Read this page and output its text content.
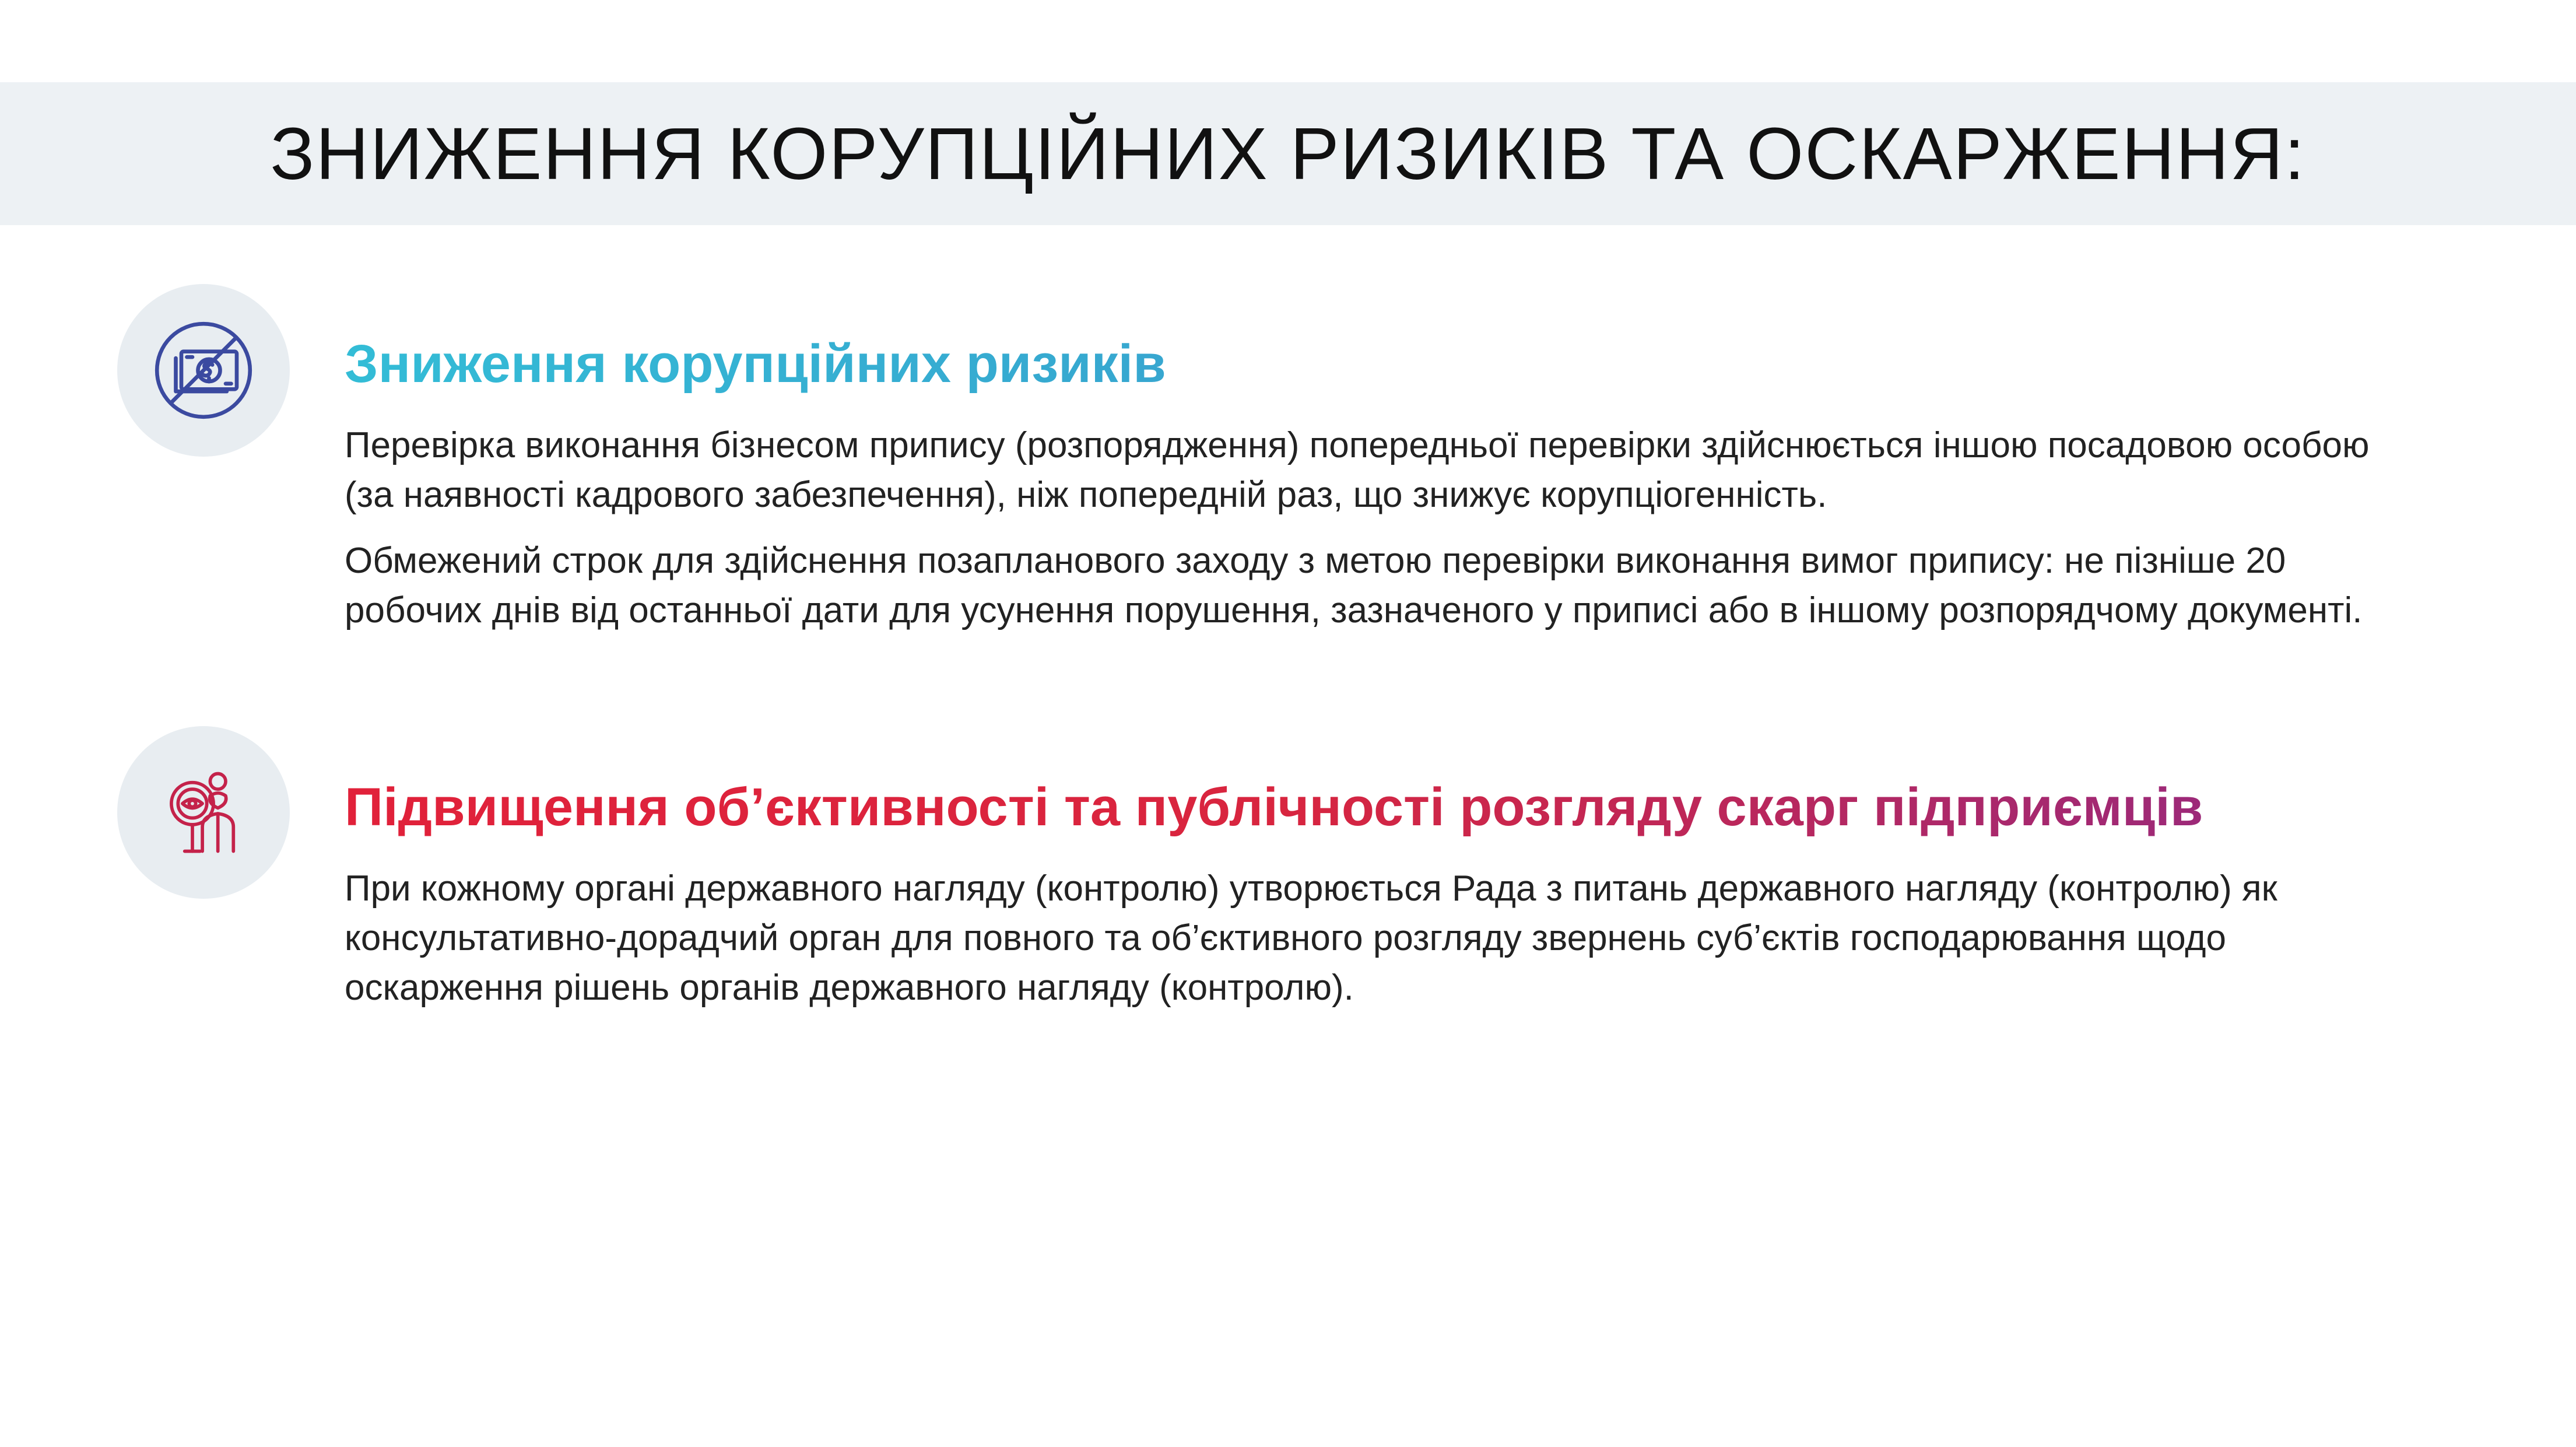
ЗНИЖЕННЯ КОРУПЦІЙНИХ РИЗИКІВ ТА ОСКАРЖЕННЯ:
Зниження корупційних ризиків

Перевірка виконання бізнесом припису (розпорядження) попередньої перевірки здійснюється іншою посадовою особою (за наявності кадрового забезпечення), ніж попередній раз, що знижує корупціогенність.

Обмежений строк для здійснення позапланового заходу з метою перевірки виконання вимог припису: не пізніше 20 робочих днів від останньої дати для усунення порушення, зазначеного у приписі або в іншому розпорядчому документі.

Підвищення об’єктивності та публічності розгляду скарг підприємців

При кожному органі державного нагляду (контролю) утворюється Рада з питань державного нагляду (контролю) як консультативно-дорадчий орган для повного та об’єктивного розгляду звернень суб’єктів господарювання щодо оскарження рішень органів державного нагляду (контролю).
